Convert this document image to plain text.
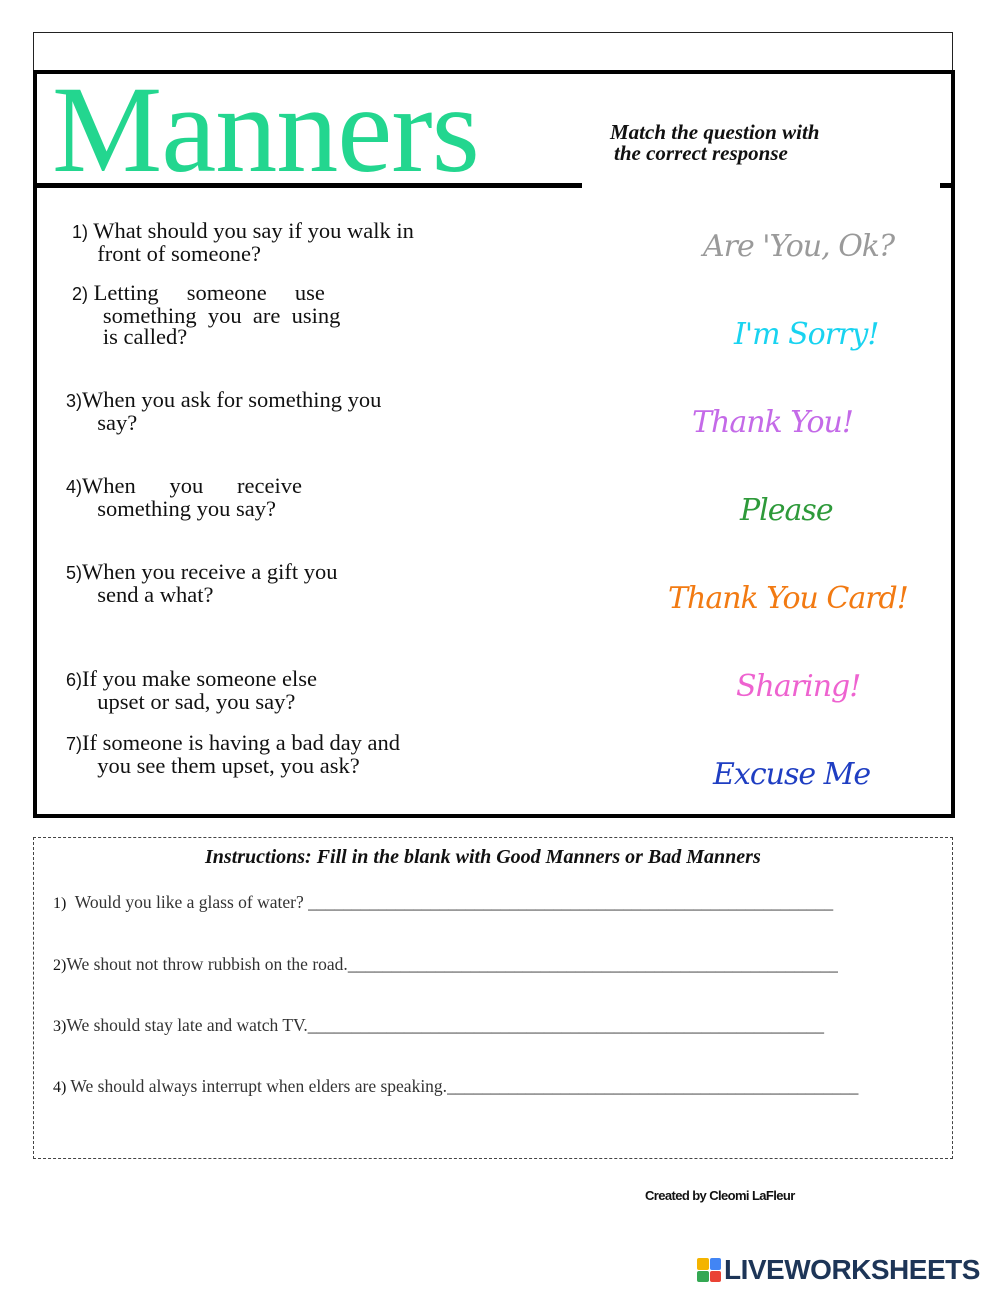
Manners	Match the question with
the correct response
1) What should you say if you walk in
front of someone?
2) Letting     someone     use
something  you  are  using
is called?
3)When you ask for something you
say?
4)When      you      receive
something you say?
5)When you receive a gift you
send a what?
6)If you make someone else
upset or sad, you say?
7)If someone is having a bad day and
you see them upset, you ask?
Are 'You, Ok?
I'm Sorry!
Thank You!
Please
Thank You Card!
Sharing!
Excuse Me
Instructions: Fill in the blank with Good Manners or Bad Manners
1)  Would you like a glass of water? ____________________________________________________________
2)We shout not throw rubbish on the road.________________________________________________________
3)We should stay late and watch TV.___________________________________________________________
4) We should always interrupt when elders are speaking._______________________________________________
Created by Cleomi LaFleur
LIVEWORKSHEETS
